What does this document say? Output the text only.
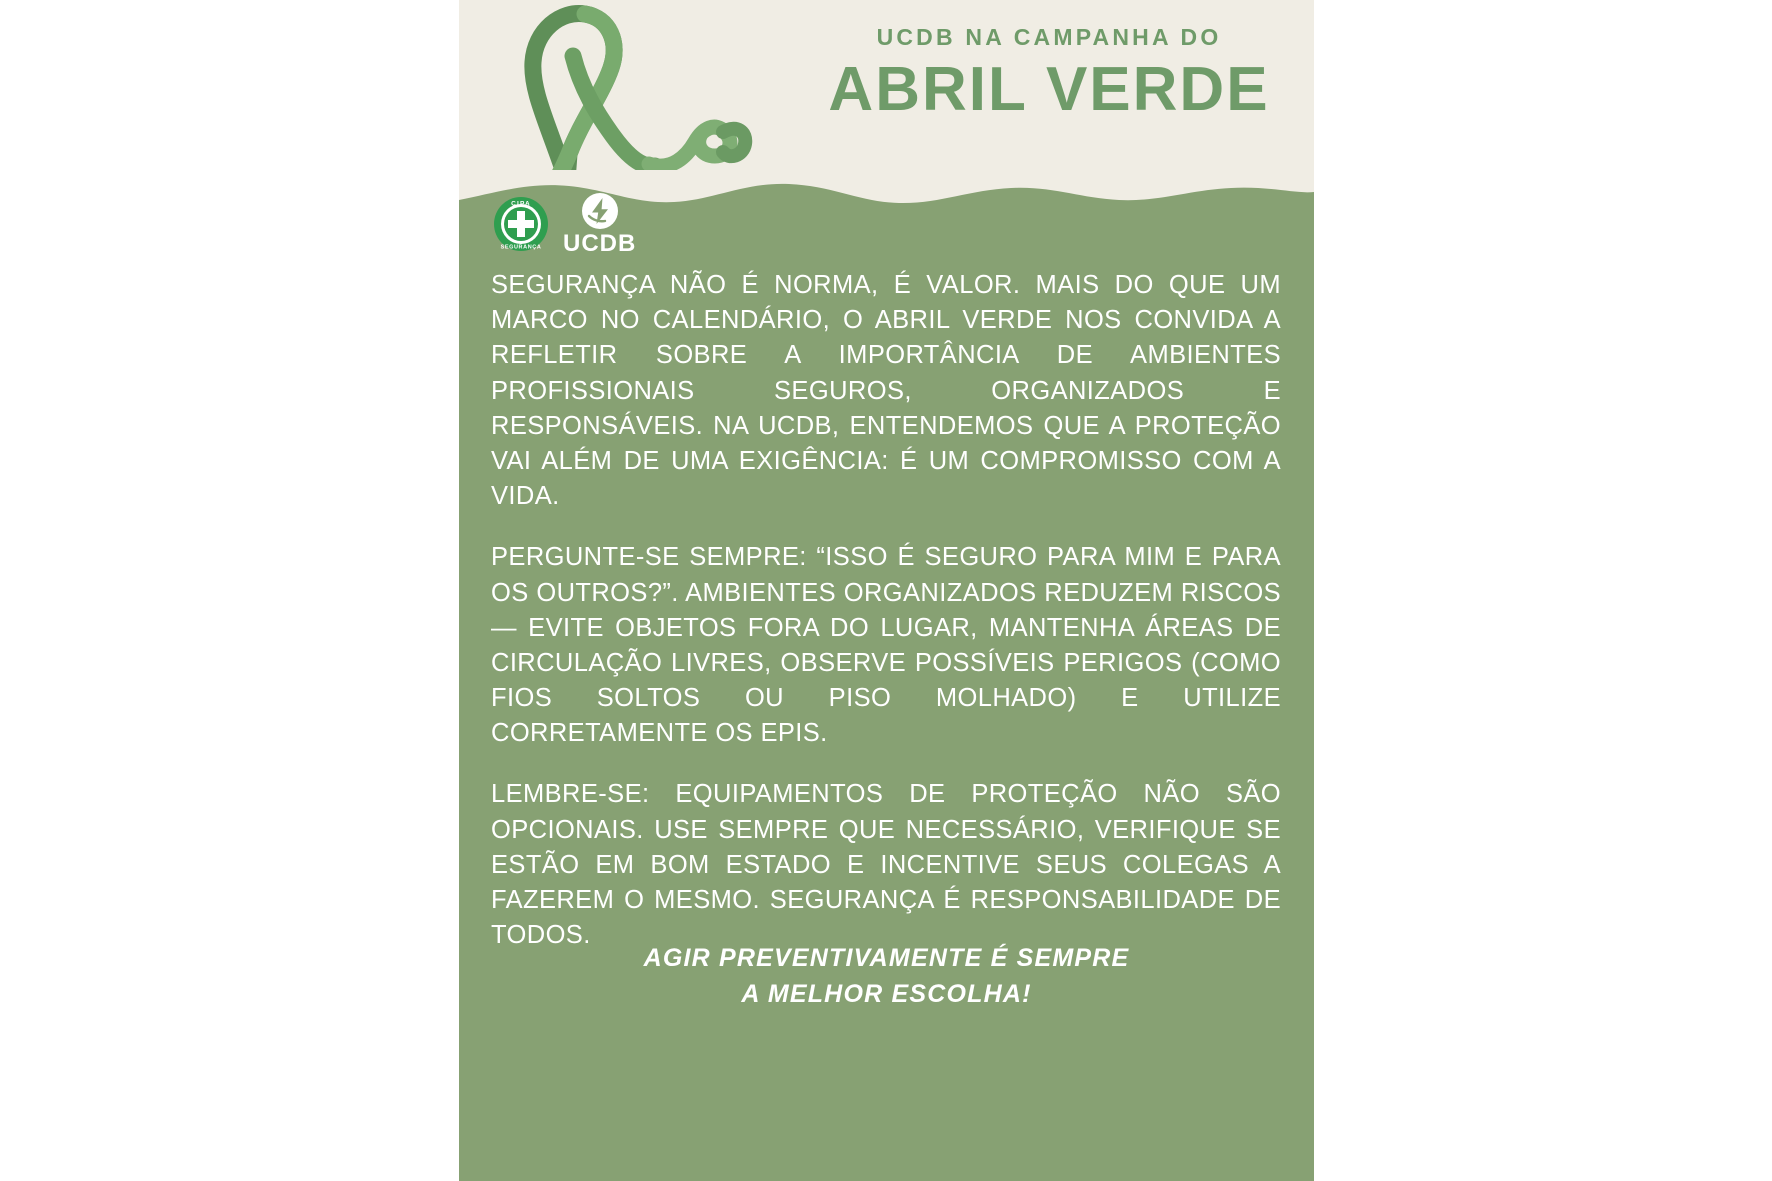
UCDB NA CAMPANHA DO
ABRIL VERDE
CIPA
SEGURANÇA UCDB

SEGURANÇA NÃO É NORMA, É VALOR. MAIS DO QUE UM MARCO NO CALENDÁRIO, O ABRIL VERDE NOS CONVIDA A REFLETIR SOBRE A IMPORTÂNCIA DE AMBIENTES PROFISSIONAIS SEGUROS, ORGANIZADOS E RESPONSÁVEIS. NA UCDB, ENTENDEMOS QUE A PROTEÇÃO VAI ALÉM DE UMA EXIGÊNCIA: É UM COMPROMISSO COM A VIDA.

PERGUNTE-SE SEMPRE: “ISSO É SEGURO PARA MIM E PARA OS OUTROS?”. AMBIENTES ORGANIZADOS REDUZEM RISCOS — EVITE OBJETOS FORA DO LUGAR, MANTENHA ÁREAS DE CIRCULAÇÃO LIVRES, OBSERVE POSSÍVEIS PERIGOS (COMO FIOS SOLTOS OU PISO MOLHADO) E UTILIZE CORRETAMENTE OS EPIS.

LEMBRE-SE: EQUIPAMENTOS DE PROTEÇÃO NÃO SÃO OPCIONAIS. USE SEMPRE QUE NECESSÁRIO, VERIFIQUE SE ESTÃO EM BOM ESTADO E INCENTIVE SEUS COLEGAS A FAZEREM O MESMO. SEGURANÇA É RESPONSABILIDADE DE TODOS.

AGIR PREVENTIVAMENTE É SEMPRE
A MELHOR ESCOLHA!
